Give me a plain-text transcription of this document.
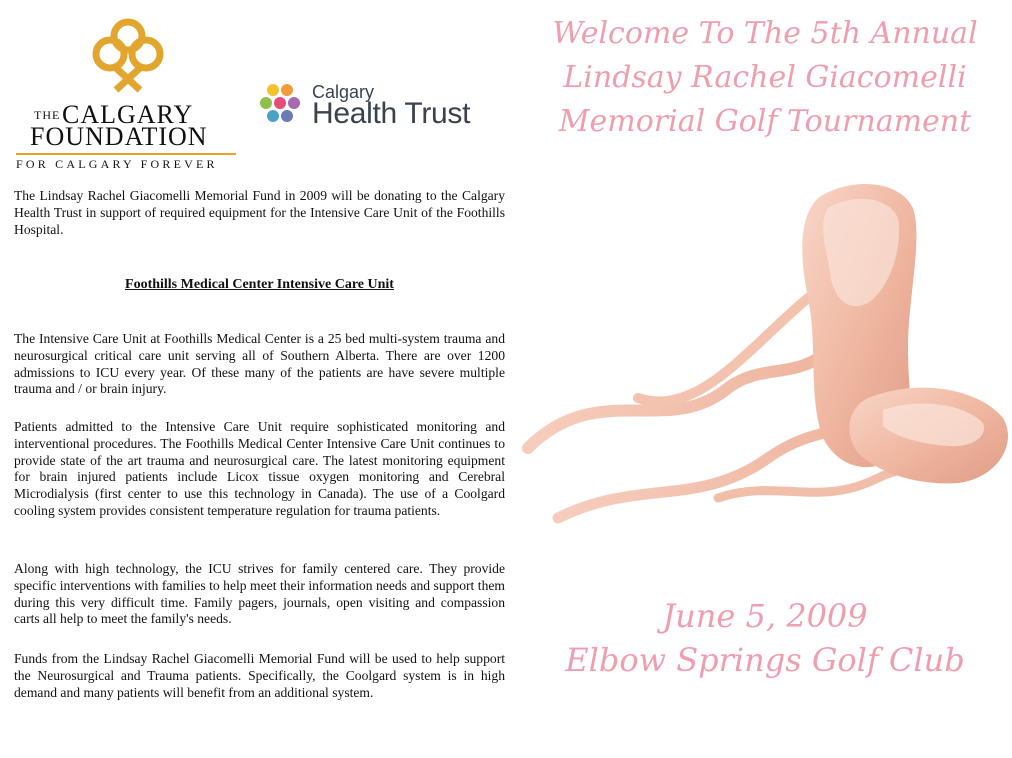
CALGARY
THE
FOUNDATION
FOR CALGARY FOREVER
Calgary
Health Trust

The Lindsay Rachel Giacomelli Memorial Fund in 2009 will be donating to the Calgary Health Trust in support of required equipment for the Intensive Care Unit of the Foothills Hospital.

Foothills Medical Center Intensive Care Unit

The Intensive Care Unit at Foothills Medical Center is a 25 bed multi-system trauma and neurosurgical critical care unit serving all of Southern Alberta. There are over 1200 admissions to ICU every year. Of these many of the patients are have severe multiple trauma and / or brain injury.

Patients admitted to the Intensive Care Unit require sophisticated monitoring and interventional procedures. The Foothills Medical Center Intensive Care Unit continues to provide state of the art trauma and neurosurgical care. The latest monitoring equipment for brain injured patients include Licox tissue oxygen monitoring and Cerebral Microdialysis (first center to use this technology in Canada). The use of a Coolgard cooling system provides consistent temperature regulation for trauma patients.

Along with high technology, the ICU strives for family centered care. They provide specific interventions with families to help meet their information needs and support them during this very difficult time. Family pagers, journals, open visiting and compassion carts all help to meet the family's needs.

Funds from the Lindsay Rachel Giacomelli Memorial Fund will be used to help support the Neurosurgical and Trauma patients. Specifically, the Coolgard system is in high demand and many patients will benefit from an additional system.

Welcome To The 5th Annual
Lindsay Rachel Giacomelli
Memorial Golf Tournament
June 5, 2009
Elbow Springs Golf Club
